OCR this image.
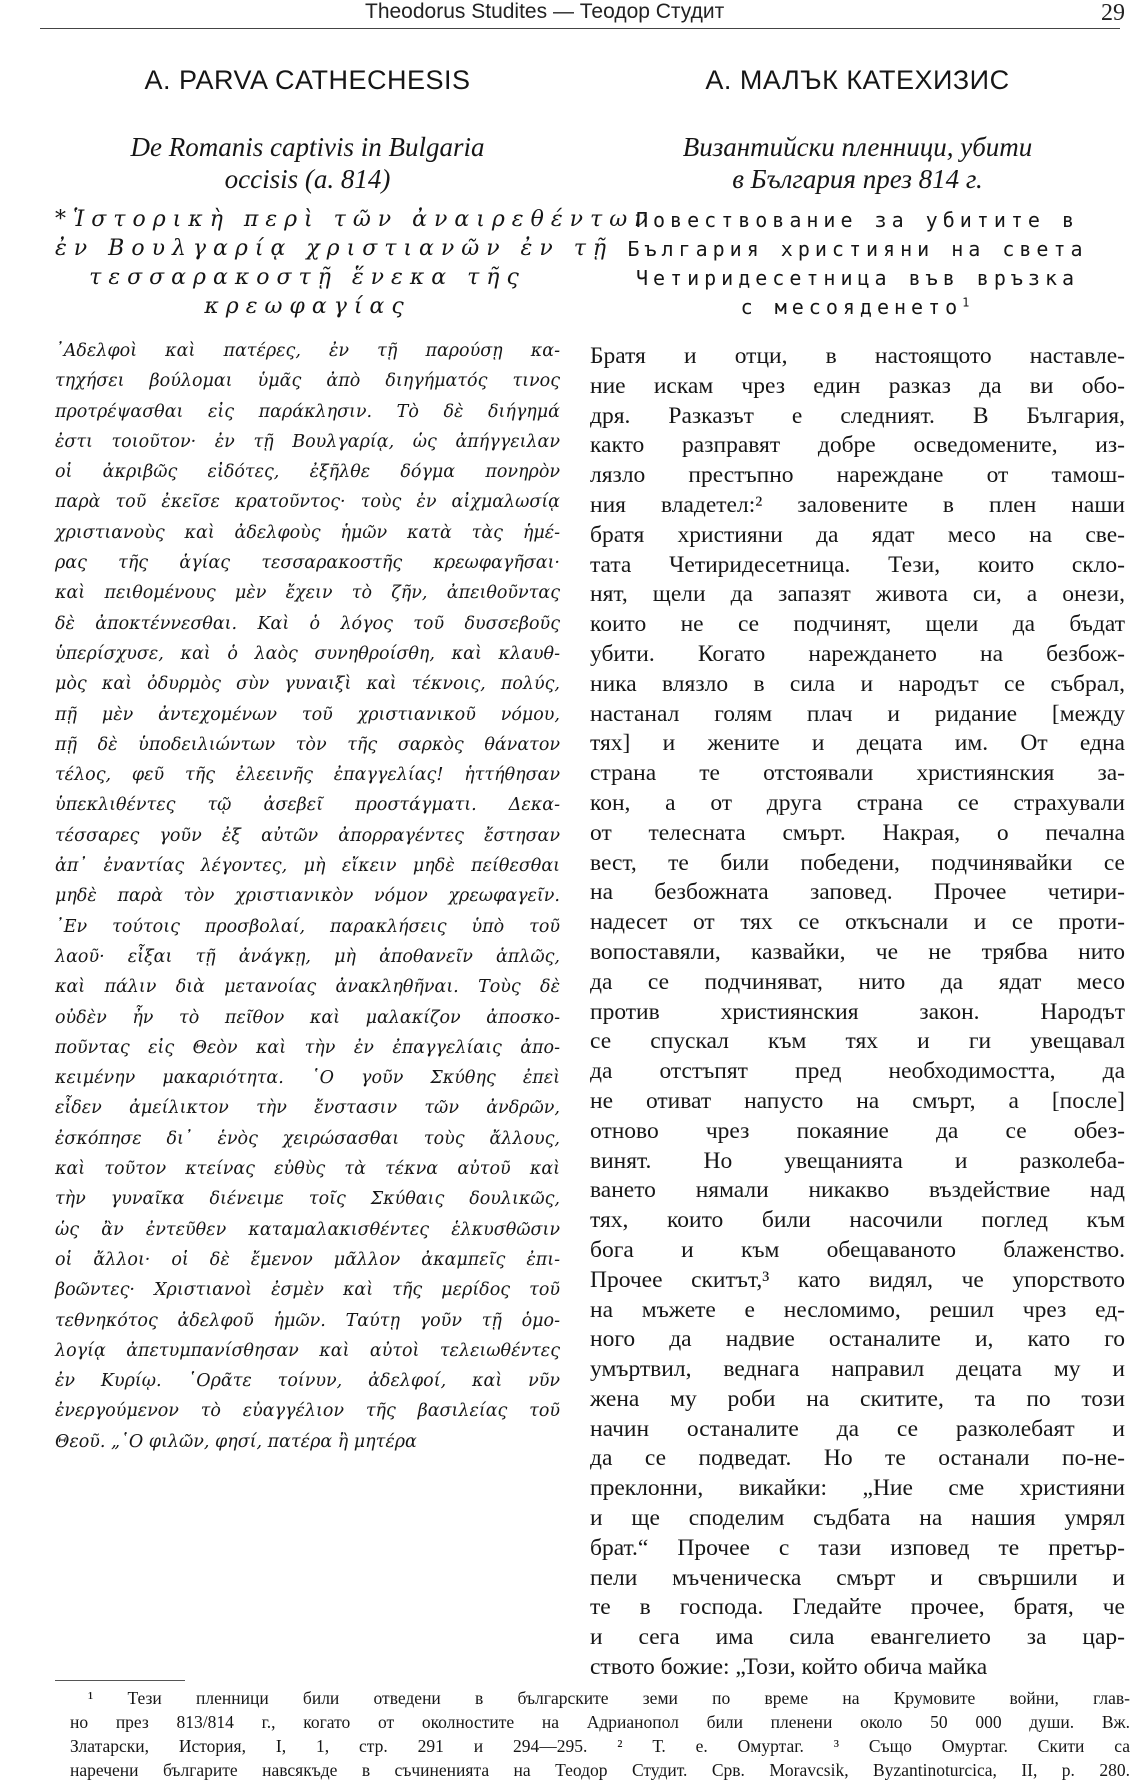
Theodorus Studites — Теодор Студит	29
A. PARVA CATHECHESIS
De Romanis captivis in Bulgaria
occisis (a. 814)
*Ἱστορικὴ περὶ τῶν ἀναιρεθέντων
ἐν Βουλγαρίᾳ χριστιανῶν ἐν τῇ
τεσσαρακοστῇ ἕνεκα τῆς
κρεωφαγίας
᾿Αδελφοὶ καὶ πατέρες, ἐν τῇ παρούσῃ κα-
τηχήσει βούλομαι ὑμᾶς ἀπὸ διηγήματός τινος
προτρέψασθαι εἰς παράκλησιν. Τὸ δὲ διήγημά
ἐστι τοιοῦτον· ἐν τῇ Βουλγαρίᾳ, ὡς ἀπήγγειλαν
οἱ ἀκριβῶς εἰδότες, ἐξῆλθε δόγμα πονηρὸν
παρὰ τοῦ ἐκεῖσε κρατοῦντος· τοὺς ἐν αἰχμαλωσίᾳ
χριστιανοὺς καὶ ἀδελφοὺς ἡμῶν κατὰ τὰς ἡμέ-
ρας τῆς ἁγίας τεσσαρακοστῆς κρεωφαγῆσαι·
καὶ πειθομένους μὲν ἔχειν τὸ ζῆν, ἀπειθοῦντας
δὲ ἀποκτέννεσθαι. Καὶ ὁ λόγος τοῦ δυσσεβοῦς
ὑπερίσχυσε, καὶ ὁ λαὸς συνηθροίσθη, καὶ κλαυθ-
μὸς καὶ ὀδυρμὸς σὺν γυναιξὶ καὶ τέκνοις, πολύς,
πῇ μὲν ἀντεχομένων τοῦ χριστιανικοῦ νόμου,
πῇ δὲ ὑποδειλιώντων τὸν τῆς σαρκὸς θάνατον
τέλος, φεῦ τῆς ἐλεεινῆς ἐπαγγελίας! ἡττήθησαν
ὑπεκλιθέντες τῷ ἀσεβεῖ προστάγματι. Δεκα-
τέσσαρες γοῦν ἐξ αὐτῶν ἀπορραγέντες ἔστησαν
ἀπ᾽ ἐναντίας λέγοντες, μὴ εἴκειν μηδὲ πείθεσθαι
μηδὲ παρὰ τὸν χριστιανικὸν νόμον χρεωφαγεῖν.
᾿Εν τούτοις προσβολαί, παρακλήσεις ὑπὸ τοῦ
λαοῦ· εἶξαι τῇ ἀνάγκῃ, μὴ ἀποθανεῖν ἁπλῶς,
καὶ πάλιν διὰ μετανοίας ἀνακληθῆναι. Τοὺς δὲ
οὐδὲν ἦν τὸ πεῖθον καὶ μαλακίζον ἀποσκο-
ποῦντας εἰς Θεὸν καὶ τὴν ἐν ἐπαγγελίαις ἀπο-
κειμένην μακαριότητα. ῾Ο γοῦν Σκύθης ἐπεὶ
εἶδεν ἀμείλικτον τὴν ἔνστασιν τῶν ἀνδρῶν,
ἐσκόπησε δι᾽ ἑνὸς χειρώσασθαι τοὺς ἄλλους,
καὶ τοῦτον κτείνας εὐθὺς τὰ τέκνα αὐτοῦ καὶ
τὴν γυναῖκα διένειμε τοῖς Σκύθαις δουλικῶς,
ὡς ἂν ἐντεῦθεν καταμαλακισθέντες ἑλκυσθῶσιν
οἱ ἄλλοι· οἱ δὲ ἔμενον μᾶλλον ἀκαμπεῖς ἐπι-
βοῶντες· Χριστιανοὶ ἐσμὲν καὶ τῆς μερίδος τοῦ
τεθνηκότος ἀδελφοῦ ἡμῶν. Ταύτῃ γοῦν τῇ ὁμο-
λογίᾳ ἀπετυμπανίσθησαν καὶ αὐτοὶ τελειωθέντες
ἐν Κυρίῳ. ῾Ορᾶτε τοίνυν, ἀδελφοί, καὶ νῦν
ἐνεργούμενον τὸ εὐαγγέλιον τῆς βασιλείας τοῦ
Θεοῦ. „῾Ο φιλῶν, φησί, πατέρα ἢ μητέρα
А. МАЛЪК КАТЕХИЗИС
Византийски пленници, убити
в България през 814 г.
Повествование за убитите в
България християни на света
Четиридесетница във връзка
с месояденето$^1$
Братя и отци, в настоящото наставле-
ние искам чрез един разказ да ви обо-
дря. Разказът е следният. В България,
както разправят добре осведомените, из-
лязло престъпно нареждане от тамош-
ния владетел:² заловените в плен наши
братя християни да ядат месо на све-
тата Четиридесетница. Тези, които скло-
нят, щели да запазят живота си, а онези,
които не се подчинят, щели да бъдат
убити. Когато нареждането на безбож-
ника влязло в сила и народът се събрал,
настанал голям плач и ридание [между
тях] и жените и децата им. От една
страна те отстоявали християнския за-
кон, а от друга страна се страхували
от телесната смърт. Накрая, о печална
вест, те били победени, подчинявайки се
на безбожната заповед. Прочее четири-
надесет от тях се откъснали и се проти-
вопоставяли, казвайки, че не трябва нито
да се подчиняват, нито да ядат месо
против християнския закон. Народът
се спускал към тях и ги увещавал
да отстъпят пред необходимостта, да
не отиват напусто на смърт, а [после]
отново чрез покаяние да се обез-
винят. Но увещанията и разколеба-
ването нямали никакво въздействие над
тях, които били насочили поглед към
бога и към обещаваното блаженство.
Прочее скитът,³ като видял, че упорството
на мъжете е несломимо, решил чрез ед-
ного да надвие останалите и, като го
умъртвил, веднага направил децата му и
жена му роби на скитите, та по този
начин останалите да се разколебаят и
да се подведат. Но те останали по-не-
преклонни, викайки: „Ние сме християни
и ще споделим съдбата на нашия умрял
брат.“ Прочее с тази изповед те претър-
пели мъченическа смърт и свършили и
те в господа. Гледайте прочее, братя, че
и сега има сила евангелието за цар-
ството божие: „Този, който обича майка
¹ Тези пленници били отведени в българските земи по време на Крумовите войни, глав-
но през 813/814 г., когато от околностите на Адрианопол били пленени около 50 000 души. Вж.
Златарски, История, I, 1, стр. 291 и 294—295. ² Т. е. Омуртаг. ³ Също Омуртаг. Скити са
наречени българите навсякъде в съчиненията на Теодор Студит. Срв. Moravcsik, Byzantinoturcica, II, p. 280.
